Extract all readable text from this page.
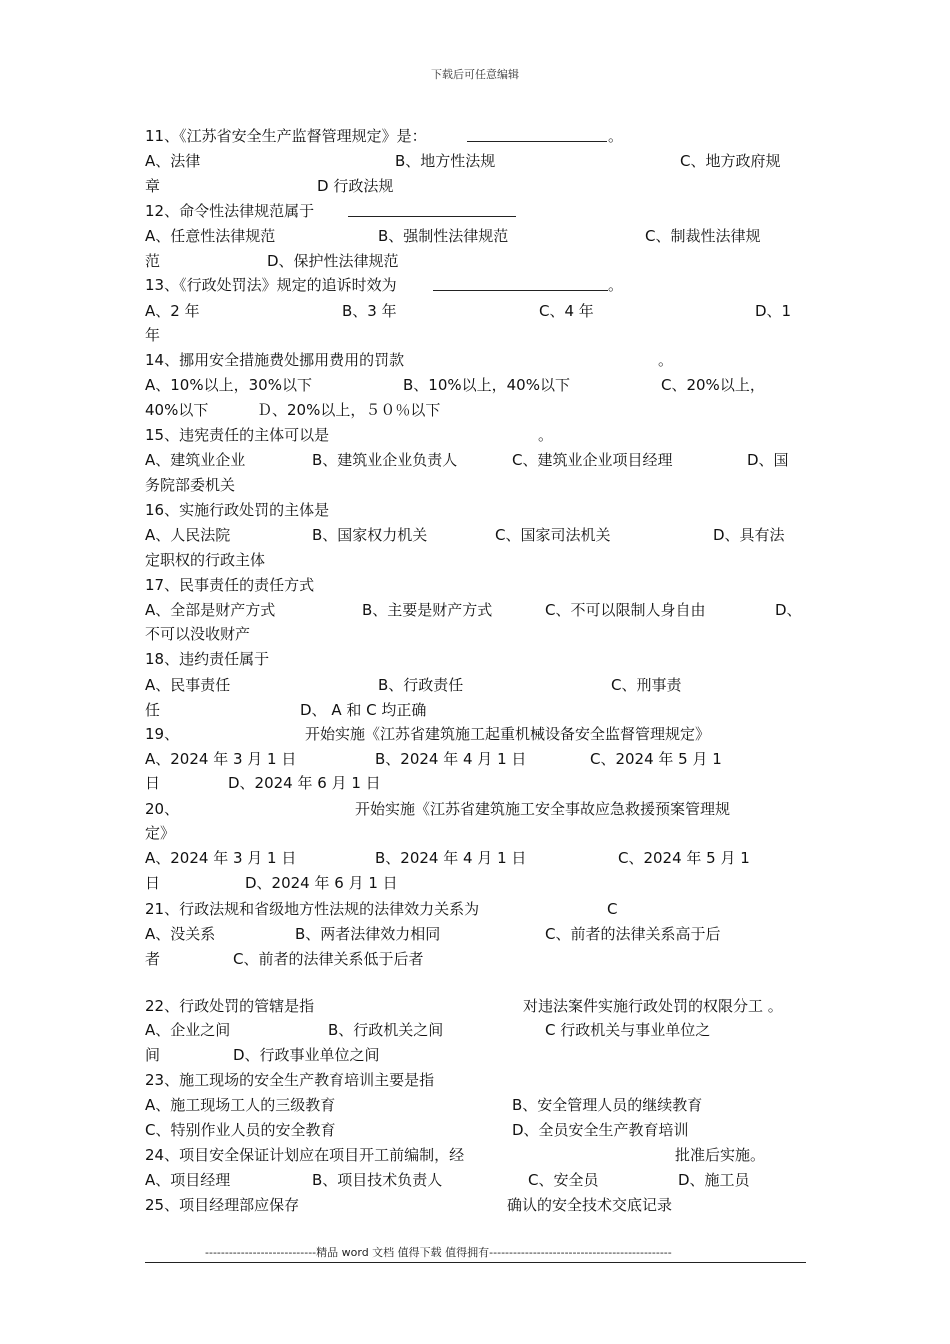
下载后可任意编辑
11、《江苏省安全生产监督管理规定》是：	。
A、法律	B、地方性法规	C、地方政府规
章	D 行政法规
12、命令性法律规范属于
A、任意性法律规范	B、强制性法律规范	C、制裁性法律规
范	D、保护性法律规范
13、《行政处罚法》规定的追诉时效为	。
A、2 年	B、3 年	C、4 年	D、1
年
14、挪用安全措施费处挪用费用的罚款	。
A、10%以上，30%以下	B、10%以上，40%以下	C、20%以上，
40%以下	Ｄ、20%以上，５０％以下
15、违宪责任的主体可以是	。
A、建筑业企业	B、建筑业企业负责人	C、建筑业企业项目经理	D、国
务院部委机关
16、实施行政处罚的主体是
A、人民法院	B、国家权力机关	C、国家司法机关	D、具有法
定职权的行政主体
17、民事责任的责任方式
A、全部是财产方式	B、主要是财产方式	C、不可以限制人身自由	D、
不可以没收财产
18、违约责任属于
A、民事责任	B、行政责任	C、刑事责
任	D、 A 和 C 均正确
19、	开始实施《江苏省建筑施工起重机械设备安全监督管理规定》
A、2024 年 3 月 1 日	B、2024 年 4 月 1 日	C、2024 年 5 月 1
日	D、2024 年 6 月 1 日
20、	开始实施《江苏省建筑施工安全事故应急救援预案管理规
定》
A、2024 年 3 月 1 日	B、2024 年 4 月 1 日	C、2024 年 5 月 1
日	D、2024 年 6 月 1 日
21、行政法规和省级地方性法规的法律效力关系为	C
A、没关系	B、两者法律效力相同	C、前者的法律关系高于后
者	C、前者的法律关系低于后者
22、行政处罚的管辖是指	对违法案件实施行政处罚的权限分工 。
A、企业之间	B、行政机关之间	C 行政机关与事业单位之
间	D、行政事业单位之间
23、施工现场的安全生产教育培训主要是指
A、施工现场工人的三级教育	B、安全管理人员的继续教育
C、特别作业人员的安全教育	D、全员安全生产教育培训
24、项目安全保证计划应在项目开工前编制，经	批准后实施。
A、项目经理	B、项目技术负责人	C、安全员	D、施工员
25、项目经理部应保存	确认的安全技术交底记录
----------------------------精品 word 文档 值得下载 值得拥有----------------------------------------------
